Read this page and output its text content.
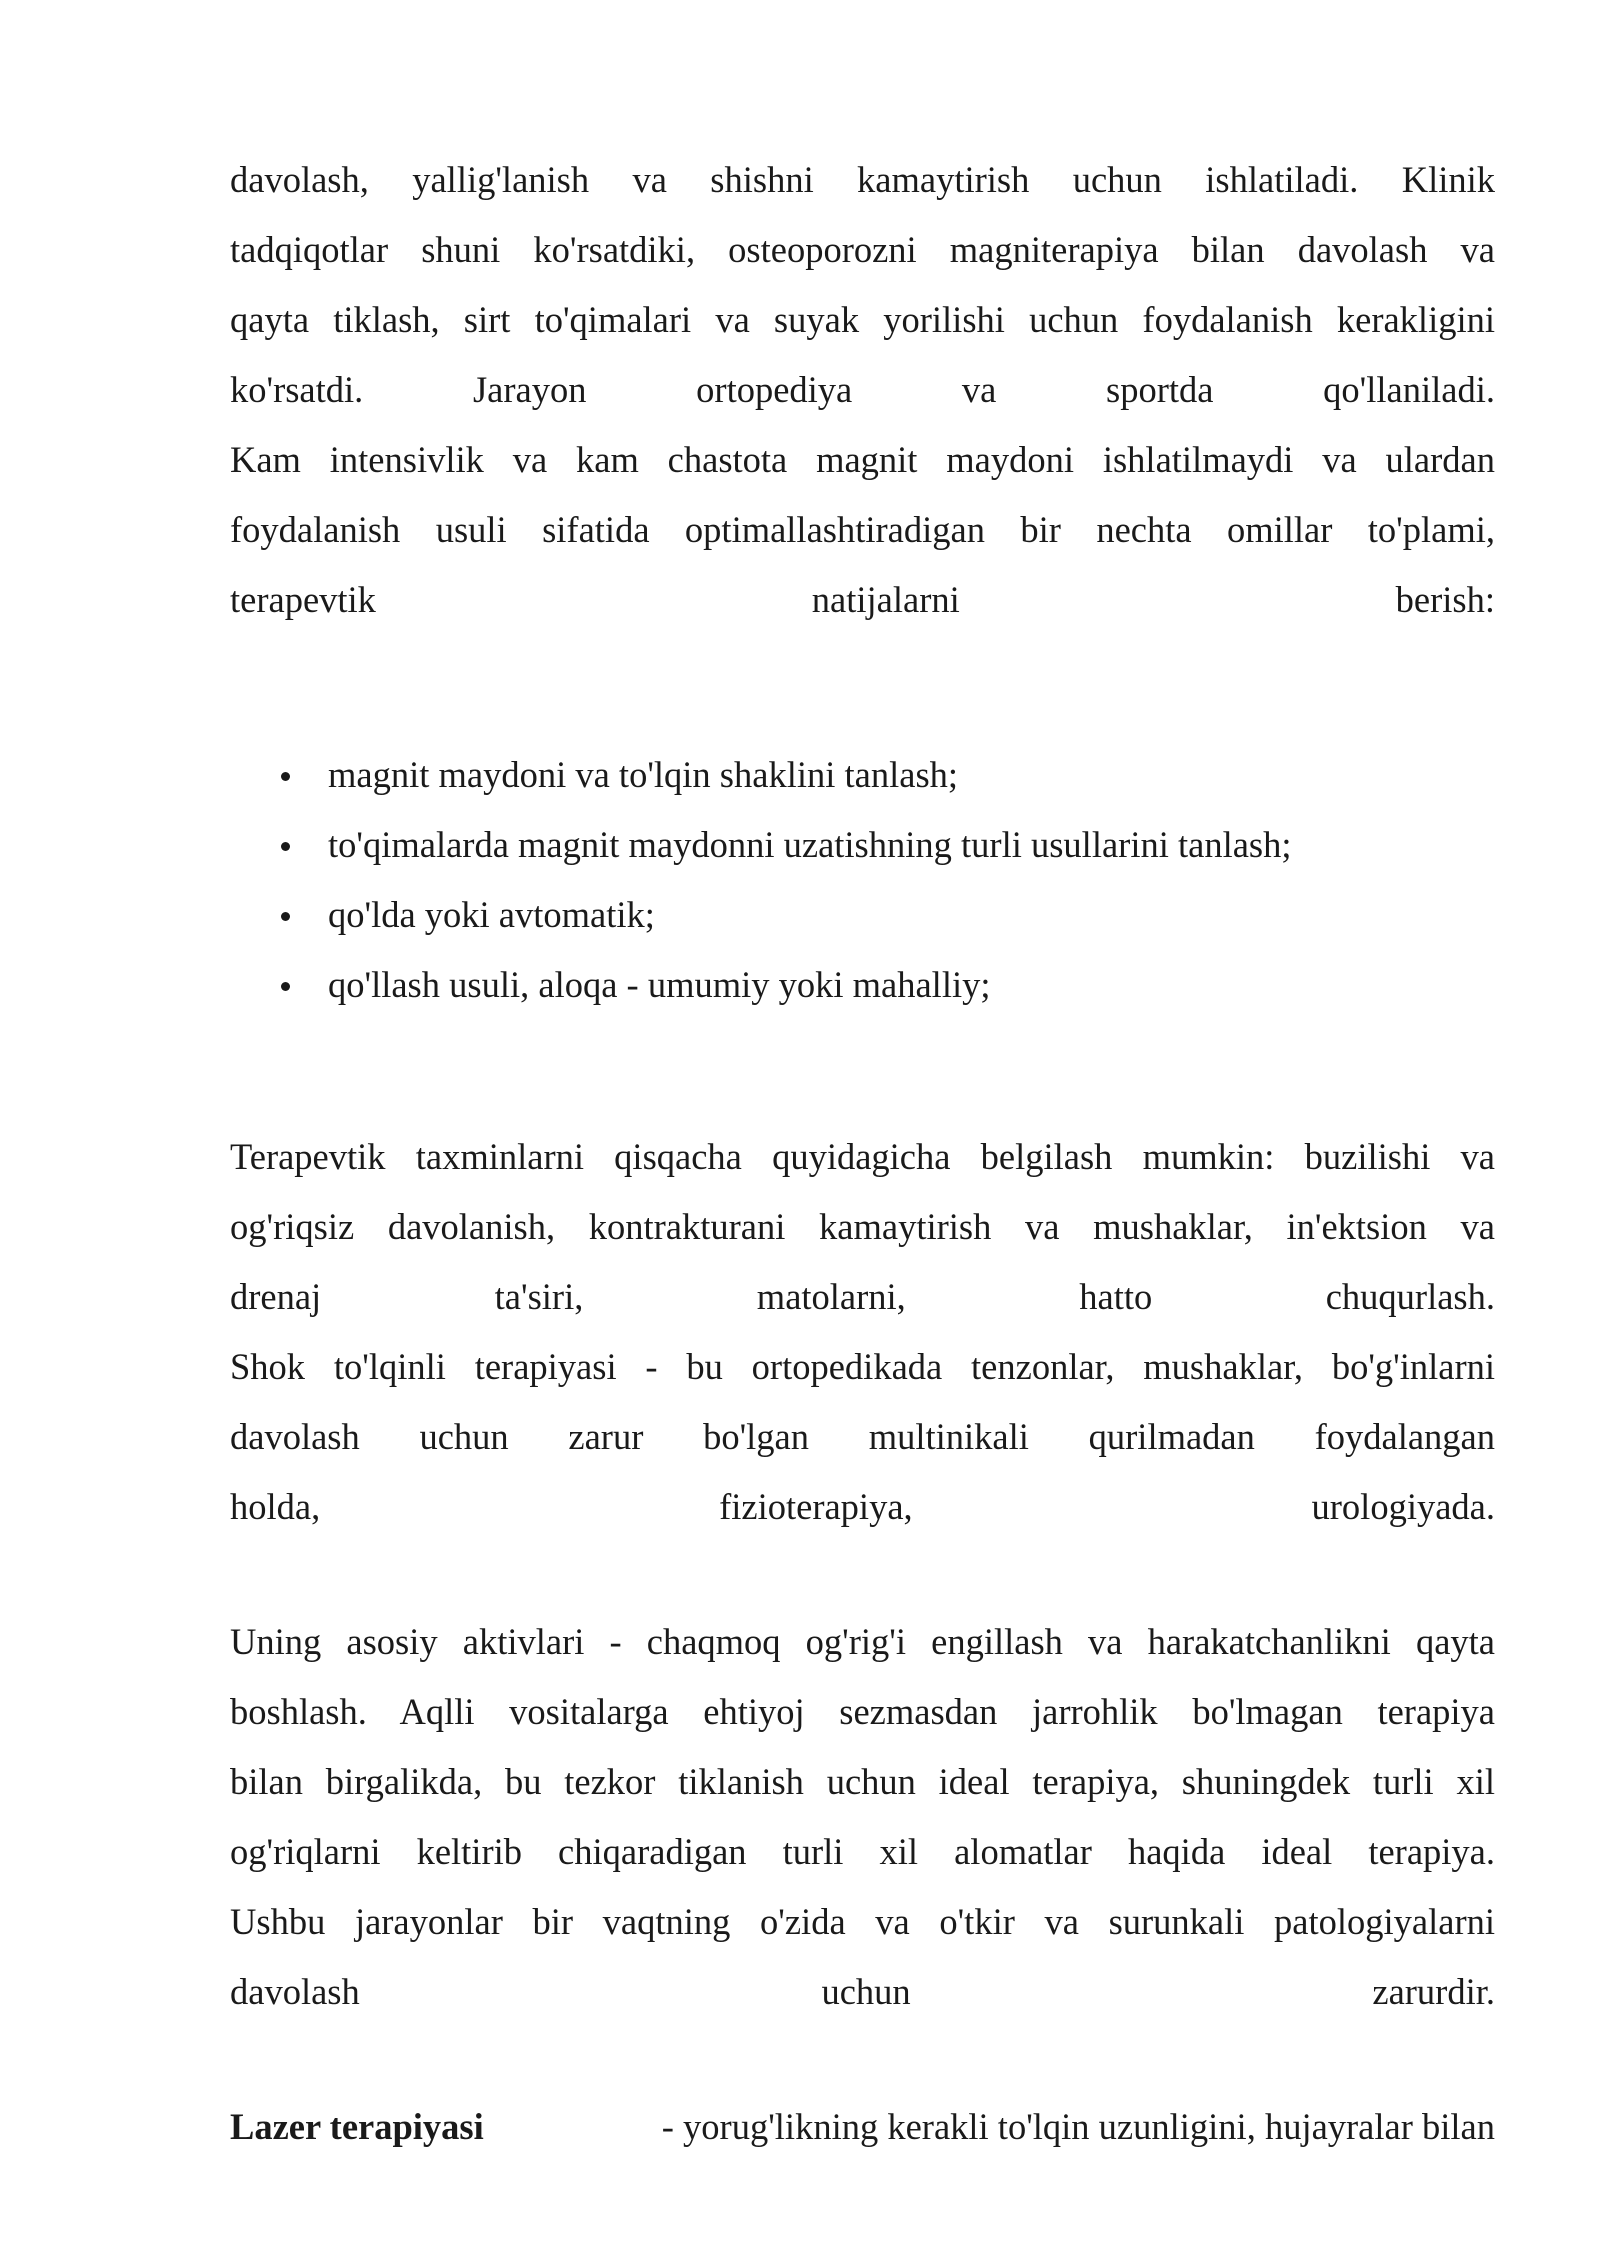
davolash, yallig'lanish va shishni kamaytirish uchun ishlatiladi. Klinik
tadqiqotlar shuni ko'rsatdiki, osteoporozni magniterapiya bilan davolash va
qayta tiklash, sirt to'qimalari va suyak yorilishi uchun foydalanish kerakligini
ko'rsatdi. Jarayon ortopediya va sportda qo'llaniladi.
Kam intensivlik va kam chastota magnit maydoni ishlatilmaydi va ulardan
foydalanish usuli sifatida optimallashtiradigan bir nechta omillar to'plami,
terapevtik natijalarni berish:
magnit maydoni va to'lqin shaklini tanlash;
to'qimalarda magnit maydonni uzatishning turli usullarini tanlash;
qo'lda yoki avtomatik;
qo'llash usuli, aloqa - umumiy yoki mahalliy;
Terapevtik taxminlarni qisqacha quyidagicha belgilash mumkin: buzilishi va
og'riqsiz davolanish, kontrakturani kamaytirish va mushaklar, in'ektsion va
drenaj ta'siri, matolarni, hatto chuqurlash.
Shok to'lqinli terapiyasi - bu ortopedikada tenzonlar, mushaklar, bo'g'inlarni
davolash uchun zarur bo'lgan multinikali qurilmadan foydalangan
holda, fizioterapiya, urologiyada.
Uning asosiy aktivlari - chaqmoq og'rig'i engillash va harakatchanlikni qayta
boshlash. Aqlli vositalarga ehtiyoj sezmasdan jarrohlik bo'lmagan terapiya
bilan birgalikda, bu tezkor tiklanish uchun ideal terapiya, shuningdek turli xil
og'riqlarni keltirib chiqaradigan turli xil alomatlar haqida ideal terapiya.
Ushbu jarayonlar bir vaqtning o'zida va o'tkir va surunkali patologiyalarni
davolash uchun zarurdir.
Lazer terapiyasi	- yorug'likning kerakli to'lqin uzunligini, hujayralar bilan
